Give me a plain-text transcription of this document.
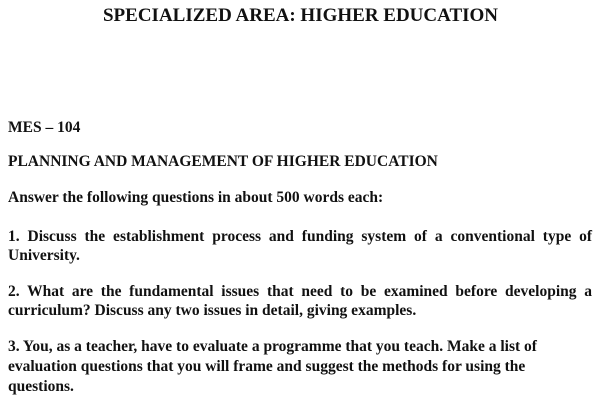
SPECIALIZED AREA: HIGHER EDUCATION
MES – 104
PLANNING AND MANAGEMENT OF HIGHER EDUCATION
Answer the following questions in about 500 words each:
1. Discuss the establishment process and funding system of a conventional type of University.
2. What are the fundamental issues that need to be examined before developing a curriculum? Discuss any two issues in detail, giving examples.
3. You, as a teacher, have to evaluate a programme that you teach. Make a list of evaluation questions that you will frame and suggest the methods for using the questions.
